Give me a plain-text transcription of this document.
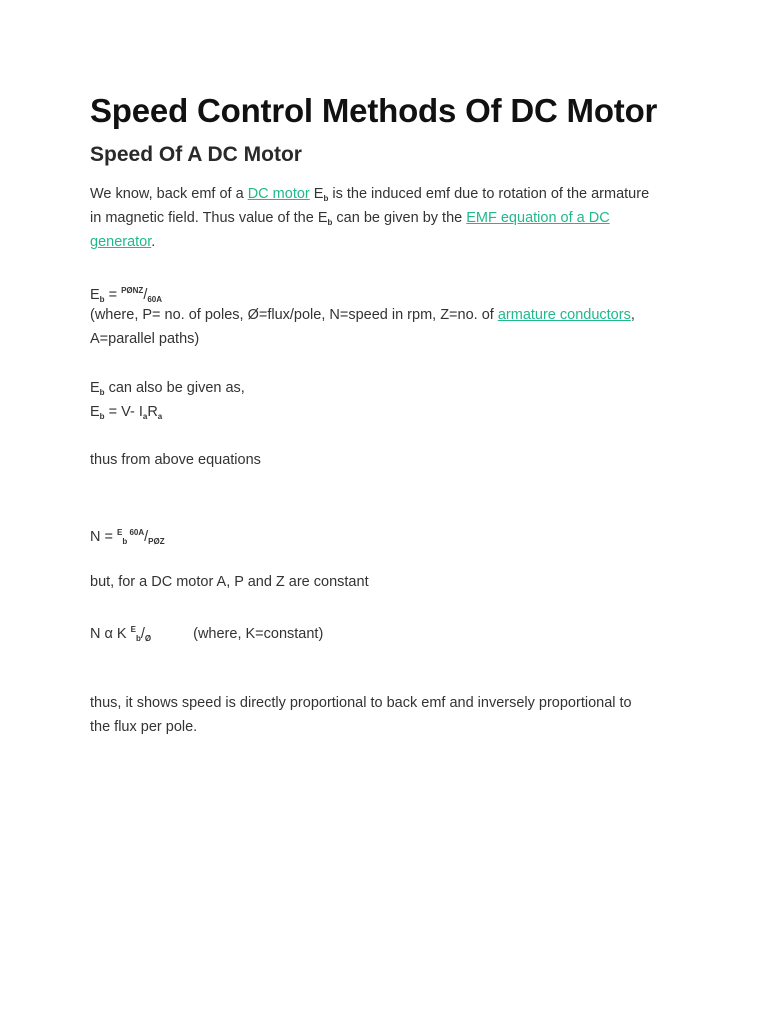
Speed Control Methods Of DC Motor
Speed Of A DC Motor
We know, back emf of a DC motor $E_b$ is the induced emf due to rotation of the armature
in magnetic field. Thus value of the $E_b$ can be given by the EMF equation of a DC
generator.
$E_b = ^{PØNZ}/_{60A}$
(where, P= no. of poles, Ø=flux/pole, N=speed in rpm, Z=no. of armature conductors,
A=parallel paths)
$E_b$ can also be given as,
$E_b = V-$ $I_aR_a$
thus from above equations
N = $^E_b$ $^{60A}/_{PØZ}$
but, for a DC motor A, P and Z are constant
N α K $^E_b/_Ø$	(where, K=constant)
thus, it shows speed is directly proportional to back emf and inversely proportional to
the flux per pole.
